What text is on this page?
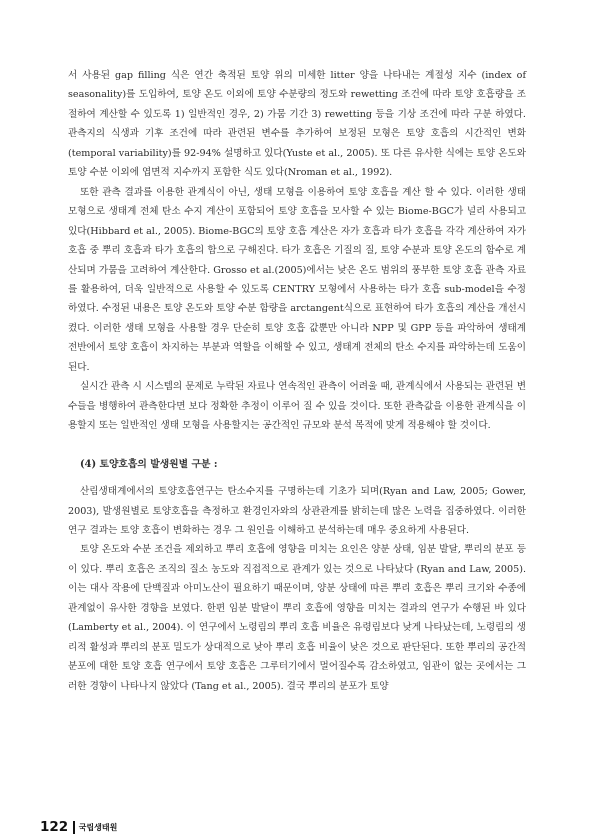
서 사용된 gap filling 식은 연간 축적된 토양 위의 미세한 litter 양을 나타내는 계절성 지수 (index of seasonality)를 도입하여, 토양 온도 이외에 토양 수분량의 정도와 rewetting 조건에 따라 토양 호흡량을 조절하여 계산할 수 있도록 1) 일반적인 경우, 2) 가뭄 기간 3) rewetting 등을 기상 조건에 따라 구분 하였다. 관측지의 식생과 기후 조건에 따라 관련된 변수를 추가하여 보정된 모형은 토양 호흡의 시간적인 변화(temporal variability)를 92-94% 설명하고 있다(Yuste et al., 2005). 또 다른 유사한 식에는 토양 온도와 토양 수분 이외에 엽면적 지수까지 포함한 식도 있다(Nroman et al., 1992).

또한 관측 결과를 이용한 관계식이 아닌, 생태 모형을 이용하여 토양 호흡을 계산 할 수 있다. 이러한 생태 모형으로 생태계 전체 탄소 수지 계산이 포함되어 토양 호흡을 모사할 수 있는 Biome-BGC가 널리 사용되고 있다(Hibbard et al., 2005). Biome-BGC의 토양 호흡 계산은 자가 호흡과 타가 호흡을 각각 계산하여 자가 호흡 중 뿌리 호흡과 타가 호흡의 합으로 구해진다. 타가 호흡은 기질의 질, 토양 수분과 토양 온도의 함수로 계산되며 가뭄을 고려하여 계산한다. Grosso et al.(2005)에서는 낮은 온도 범위의 풍부한 토양 호흡 관측 자료를 활용하여, 더욱 일반적으로 사용할 수 있도록 CENTRY 모형에서 사용하는 타가 호흡 sub-model을 수정하였다. 수정된 내용은 토양 온도와 토양 수분 함량을 arctangent식으로 표현하여 타가 호흡의 계산을 개선시켰다. 이러한 생태 모형을 사용할 경우 단순히 토양 호흡 값뿐만 아니라 NPP 및 GPP 등을 파악하여 생태계 전반에서 토양 호흡이 차지하는 부분과 역할을 이해할 수 있고, 생태계 전체의 탄소 수지를 파악하는데 도움이 된다.

실시간 관측 시 시스템의 문제로 누락된 자료나 연속적인 관측이 어려울 때, 관계식에서 사용되는 관련된 변수들을 병행하여 관측한다면 보다 정확한 추정이 이루어 질 수 있을 것이다. 또한 관측값을 이용한 관계식을 이용할지 또는 일반적인 생태 모형을 사용할지는 공간적인 규모와 분석 목적에 맞게 적용해야 할 것이다.

(4) 토양호흡의 발생원별 구분 :

산림생태계에서의 토양호흡연구는 탄소수지를 구명하는데 기초가 되며(Ryan and Law, 2005; Gower, 2003), 발생원별로 토양호흡을 측정하고 환경인자와의 상관관계를 밝히는데 많은 노력을 집중하였다. 이러한 연구 결과는 토양 호흡이 변화하는 경우 그 원인을 이해하고 분석하는데 매우 중요하게 사용된다.

토양 온도와 수분 조건을 제외하고 뿌리 호흡에 영향을 미치는 요인은 양분 상태, 임분 발달, 뿌리의 분포 등이 있다. 뿌리 호흡은 조직의 질소 농도와 직접적으로 관계가 있는 것으로 나타났다 (Ryan and Law, 2005). 이는 대사 작용에 단백질과 아미노산이 필요하기 때문이며, 양분 상태에 따른 뿌리 호흡은 뿌리 크기와 수종에 관계없이 유사한 경향을 보였다. 한편 임분 발달이 뿌리 호흡에 영향을 미치는 결과의 연구가 수행된 바 있다 (Lamberty et al., 2004). 이 연구에서 노령림의 뿌리 호흡 비율은 유령림보다 낮게 나타났는데, 노령림의 생리적 활성과 뿌리의 분포 밀도가 상대적으로 낮아 뿌리 호흡 비율이 낮은 것으로 판단된다. 또한 뿌리의 공간적 분포에 대한 토양 호흡 연구에서 토양 호흡은 그루터기에서 멀어질수록 감소하였고, 임관이 없는 곳에서는 그러한 경향이 나타나지 않았다 (Tang et al., 2005). 결국 뿌리의 분포가 토양

122 국립생태원
